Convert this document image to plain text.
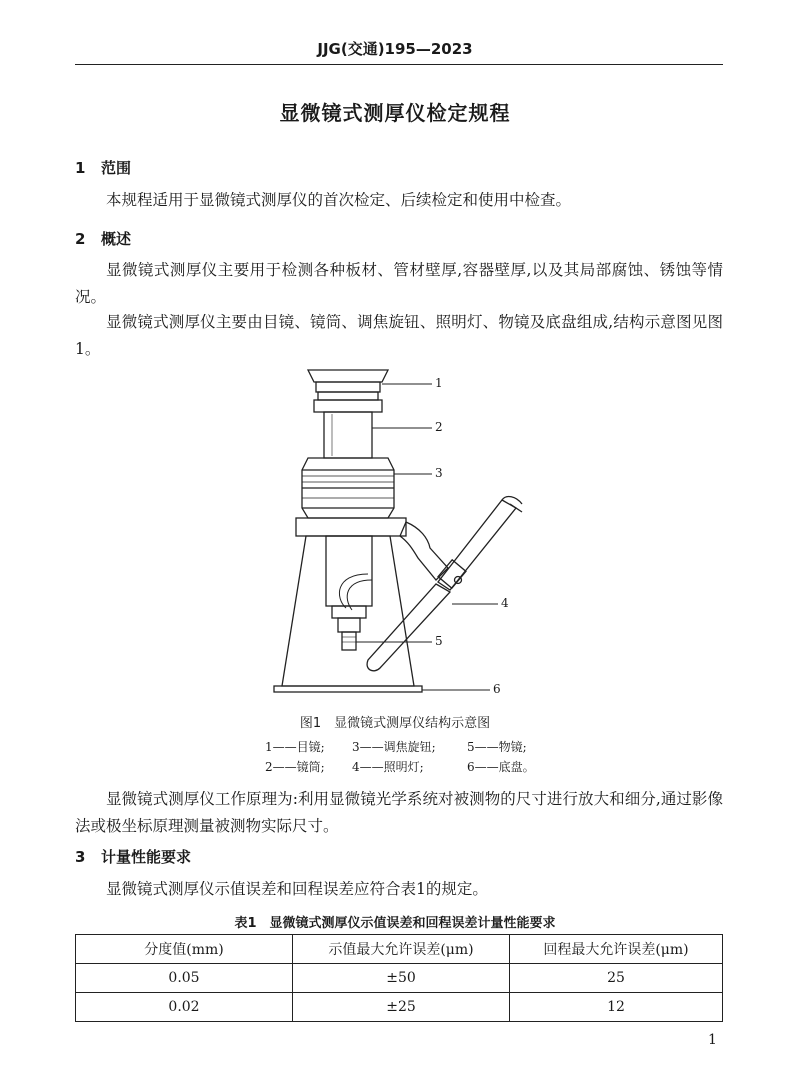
JJG(交通)195—2023
显微镜式测厚仪检定规程
1 范围
本规程适用于显微镜式测厚仪的首次检定、后续检定和使用中检查。
2 概述
显微镜式测厚仪主要用于检测各种板材、管材壁厚,容器壁厚,以及其局部腐蚀、锈蚀等情况。
显微镜式测厚仪主要由目镜、镜筒、调焦旋钮、照明灯、物镜及底盘组成,结构示意图见图1。
1
2
3
4
5
6
图1　显微镜式测厚仪结构示意图
1——目镜; 3——调焦旋钮;	5——物镜;
2——镜筒; 4——照明灯;	6——底盘。
显微镜式测厚仪工作原理为:利用显微镜光学系统对被测物的尺寸进行放大和细分,通过影像法或极坐标原理测量被测物实际尺寸。
3 计量性能要求
显微镜式测厚仪示值误差和回程误差应符合表1的规定。
表1　显微镜式测厚仪示值误差和回程误差计量性能要求
分度值(mm)	示值最大允许误差(μm)	回程最大允许误差(μm)
0.05	±50	25
0.02	±25	12
1
